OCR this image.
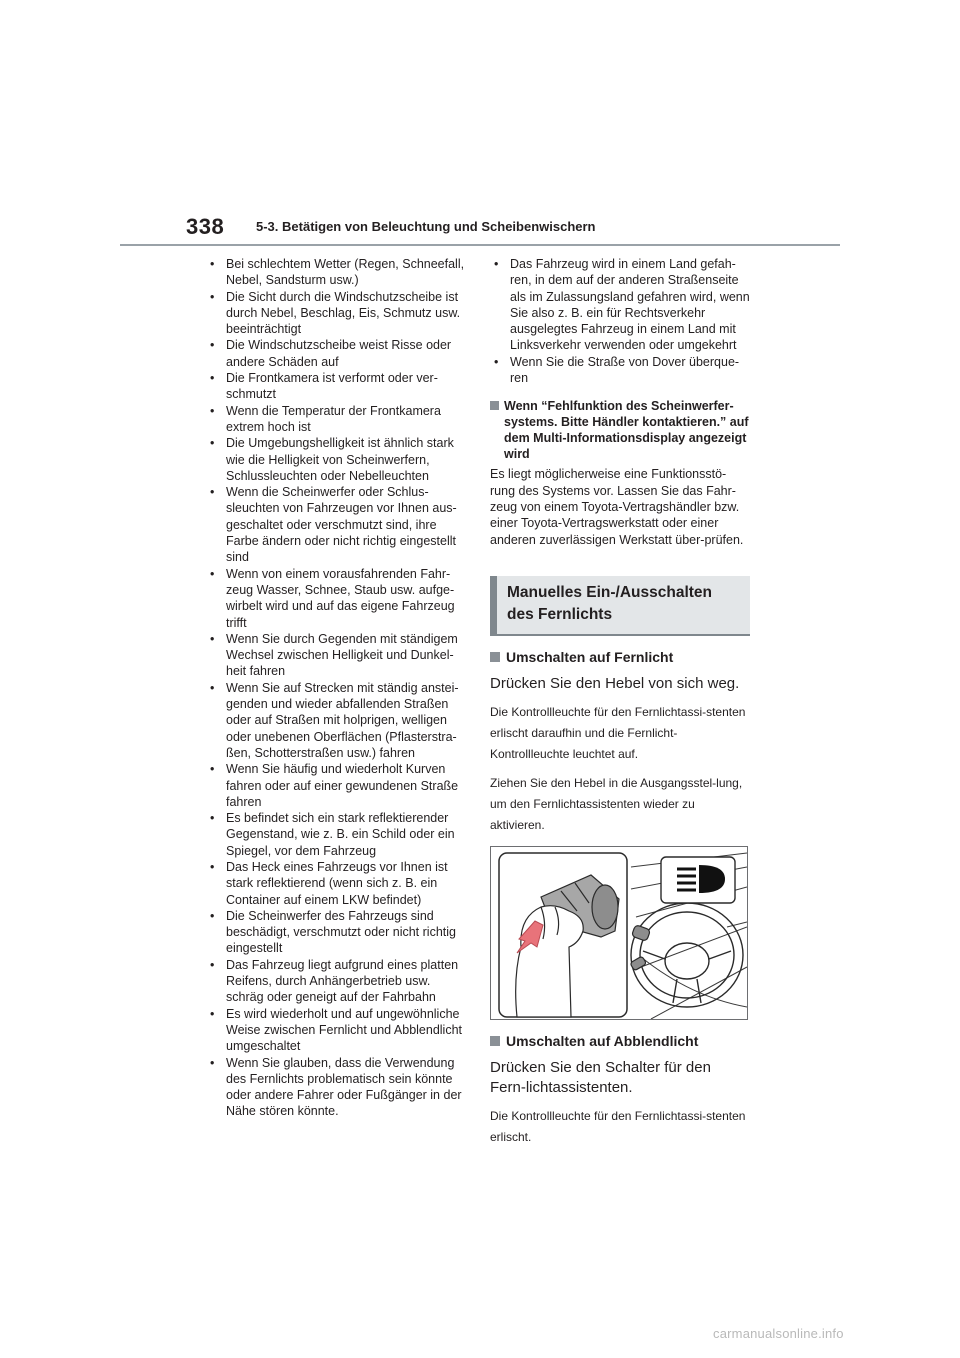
338 5-3. Betätigen von Beleuchtung und Scheibenwischern
• Bei schlechtem Wetter (Regen, Schneefall, Nebel, Sandsturm usw.)
• Die Sicht durch die Windschutzscheibe ist durch Nebel, Beschlag, Eis, Schmutz usw. beeinträchtigt
• Die Windschutzscheibe weist Risse oder andere Schäden auf
• Die Frontkamera ist verformt oder ver-schmutzt
• Wenn die Temperatur der Frontkamera extrem hoch ist
• Die Umgebungshelligkeit ist ähnlich stark wie die Helligkeit von Scheinwerfern, Schlussleuchten oder Nebelleuchten
• Wenn die Scheinwerfer oder Schlus-sleuchten von Fahrzeugen vor Ihnen aus-geschaltet oder verschmutzt sind, ihre Farbe ändern oder nicht richtig eingestellt sind
• Wenn von einem vorausfahrenden Fahr-zeug Wasser, Schnee, Staub usw. aufge-wirbelt wird und auf das eigene Fahrzeug trifft
• Wenn Sie durch Gegenden mit ständigem Wechsel zwischen Helligkeit und Dunkel-heit fahren
• Wenn Sie auf Strecken mit ständig anstei-genden und wieder abfallenden Straßen oder auf Straßen mit holprigen, welligen oder unebenen Oberflächen (Pflasterstra-ßen, Schotterstraßen usw.) fahren
• Wenn Sie häufig und wiederholt Kurven fahren oder auf einer gewundenen Straße fahren
• Es befindet sich ein stark reflektierender Gegenstand, wie z. B. ein Schild oder ein Spiegel, vor dem Fahrzeug
• Das Heck eines Fahrzeugs vor Ihnen ist stark reflektierend (wenn sich z. B. ein Container auf einem LKW befindet)
• Die Scheinwerfer des Fahrzeugs sind beschädigt, verschmutzt oder nicht richtig eingestellt
• Das Fahrzeug liegt aufgrund eines platten Reifens, durch Anhängerbetrieb usw. schräg oder geneigt auf der Fahrbahn
• Es wird wiederholt und auf ungewöhnliche Weise zwischen Fernlicht und Abblendlicht umgeschaltet
• Wenn Sie glauben, dass die Verwendung des Fernlichts problematisch sein könnte oder andere Fahrer oder Fußgänger in der Nähe stören könnte.
• Das Fahrzeug wird in einem Land gefah-ren, in dem auf der anderen Straßenseite als im Zulassungsland gefahren wird, wenn Sie also z. B. ein für Rechtsverkehr ausgelegtes Fahrzeug in einem Land mit Linksverkehr verwenden oder umgekehrt
• Wenn Sie die Straße von Dover überque-ren
Wenn “Fehlfunktion des Scheinwerfer-systems. Bitte Händler kontaktieren.” auf dem Multi-Informationsdisplay angezeigt wird

Es liegt möglicherweise eine Funktionsstö-rung des Systems vor. Lassen Sie das Fahr-zeug von einem Toyota-Vertragshändler bzw. einer Toyota-Vertragswerkstatt oder einer anderen zuverlässigen Werkstatt über-prüfen.

Manuelles Ein-/Ausschalten des Fernlichts
Umschalten auf Fernlicht
Drücken Sie den Hebel von sich weg.
Die Kontrollleuchte für den Fernlichtassi-stenten erlischt daraufhin und die Fernlicht-Kontrollleuchte leuchtet auf.
Ziehen Sie den Hebel in die Ausgangsstel-lung, um den Fernlichtassistenten wieder zu aktivieren.
Umschalten auf Abblendlicht
Drücken Sie den Schalter für den Fern-lichtassistenten.
Die Kontrollleuchte für den Fernlichtassi-stenten erlischt.
carmanualsonline.info
